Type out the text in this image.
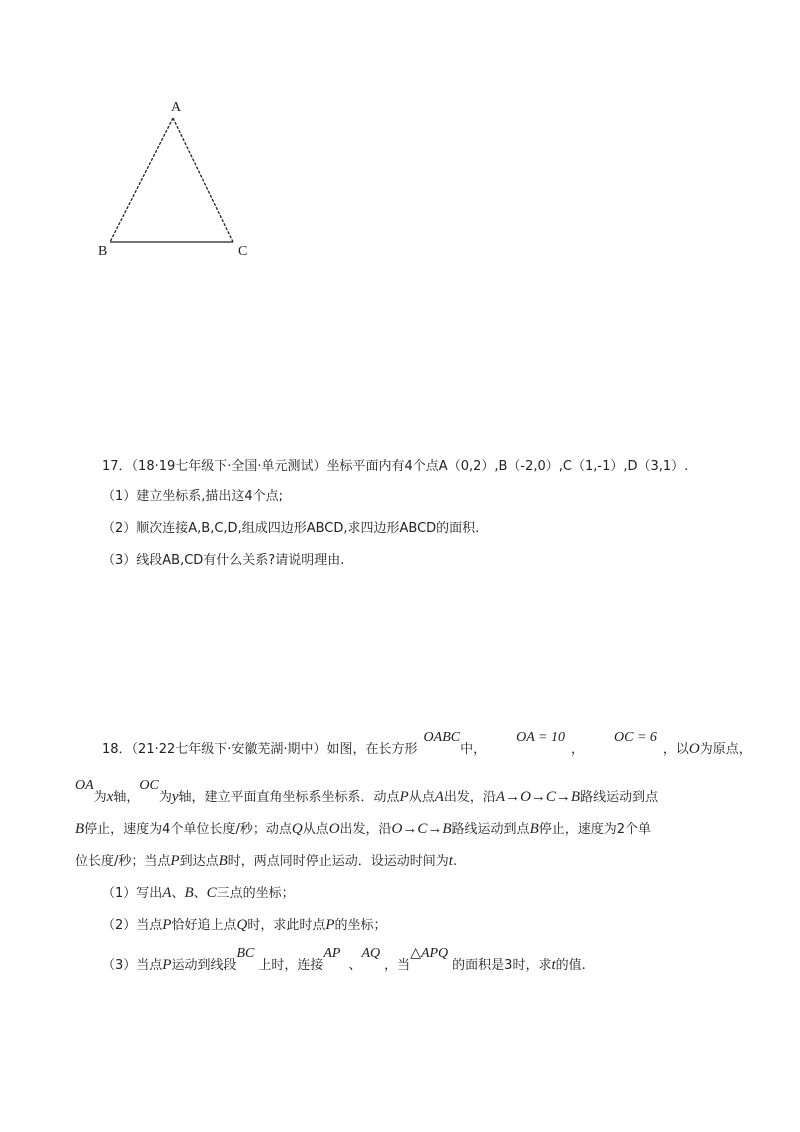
A
B	C
17．（18·19七年级下·全国·单元测试）坐标平面内有4个点A（0,2）,B（-2,0）,C（1,-1）,D（3,1）.
（1）建立坐标系,描出这4个点;
（2）顺次连接A,B,C,D,组成四边形ABCD,求四边形ABCD的面积.
（3）线段AB,CD有什么关系?请说明理由.
18．（21·22七年级下·安徽芜湖·期中）如图，在长方形OABC中，OA = 10，OC = 6，以O为原点，
OA为x轴，OC为y轴，建立平面直角坐标系坐标系．动点P从点A出发，沿A→O→C→B路线运动到点
B停止，速度为4个单位长度/秒；动点Q从点O出发，沿O→C→B路线运动到点B停止，速度为2个单
位长度/秒；当点P到达点B时，两点同时停止运动．设运动时间为t.
（1）写出A、B、C三点的坐标；
（2）当点P恰好追上点Q时，求此时点P的坐标；
（3）当点P运动到线段BC上时，连接AP、AQ，当△APQ的面积是3时，求t的值.
